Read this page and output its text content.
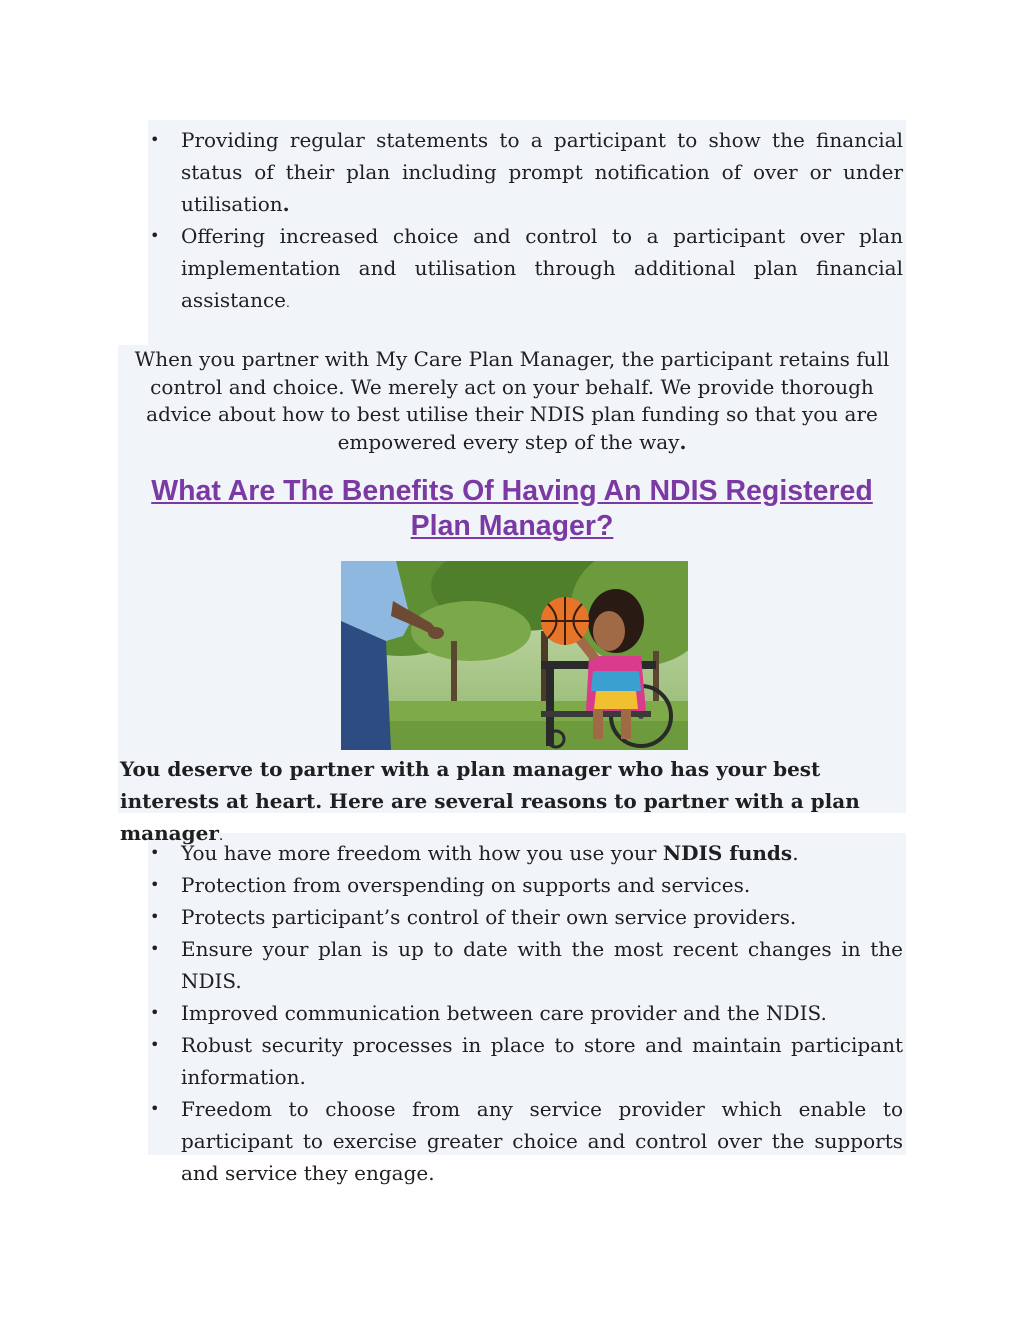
• Providing regular statements to a participant to show the financial status of their plan including prompt notification of over or under utilisation.
• Offering increased choice and control to a participant over plan implementation and utilisation through additional plan financial assistance.

When you partner with My Care Plan Manager, the participant retains full control and choice. We merely act on your behalf. We provide thorough advice about how to best utilise their NDIS plan funding so that you are empowered every step of the way.

What Are The Benefits Of Having An NDIS Registered Plan Manager?

You deserve to partner with a plan manager who has your best interests at heart. Here are several reasons to partner with a plan manager.

• You have more freedom with how you use your NDIS funds.
• Protection from overspending on supports and services.
• Protects participant’s control of their own service providers.
• Ensure your plan is up to date with the most recent changes in the NDIS.
• Improved communication between care provider and the NDIS.
• Robust security processes in place to store and maintain participant information.
• Freedom to choose from any service provider which enable to participant to exercise greater choice and control over the supports and service they engage.
